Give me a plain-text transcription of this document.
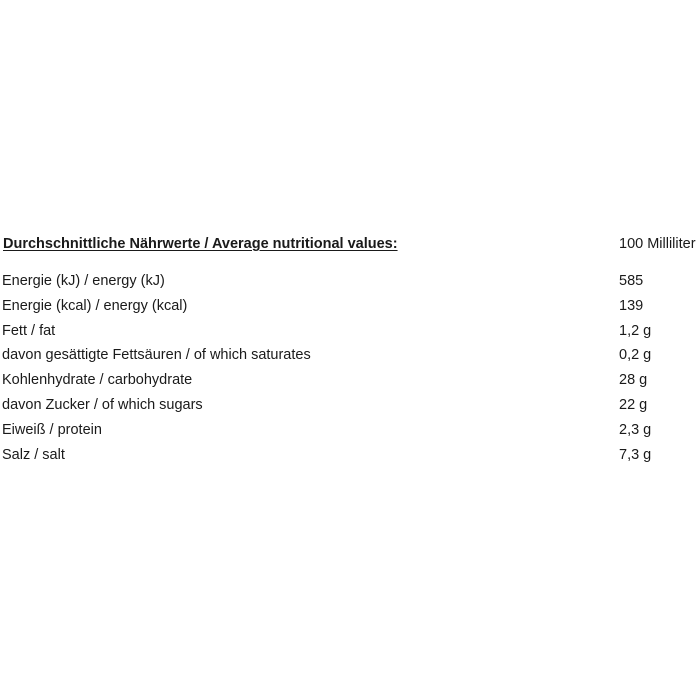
Durchschnittliche Nährwerte / Average nutritional values:	100 Milliliter
Energie (kJ) / energy (kJ)	585
Energie (kcal) / energy (kcal)	139
Fett / fat	1,2 g
davon gesättigte Fettsäuren / of which saturates	0,2 g
Kohlenhydrate / carbohydrate	28 g
davon Zucker / of which sugars	22 g
Eiweiß / protein	2,3 g
Salz / salt	7,3 g
